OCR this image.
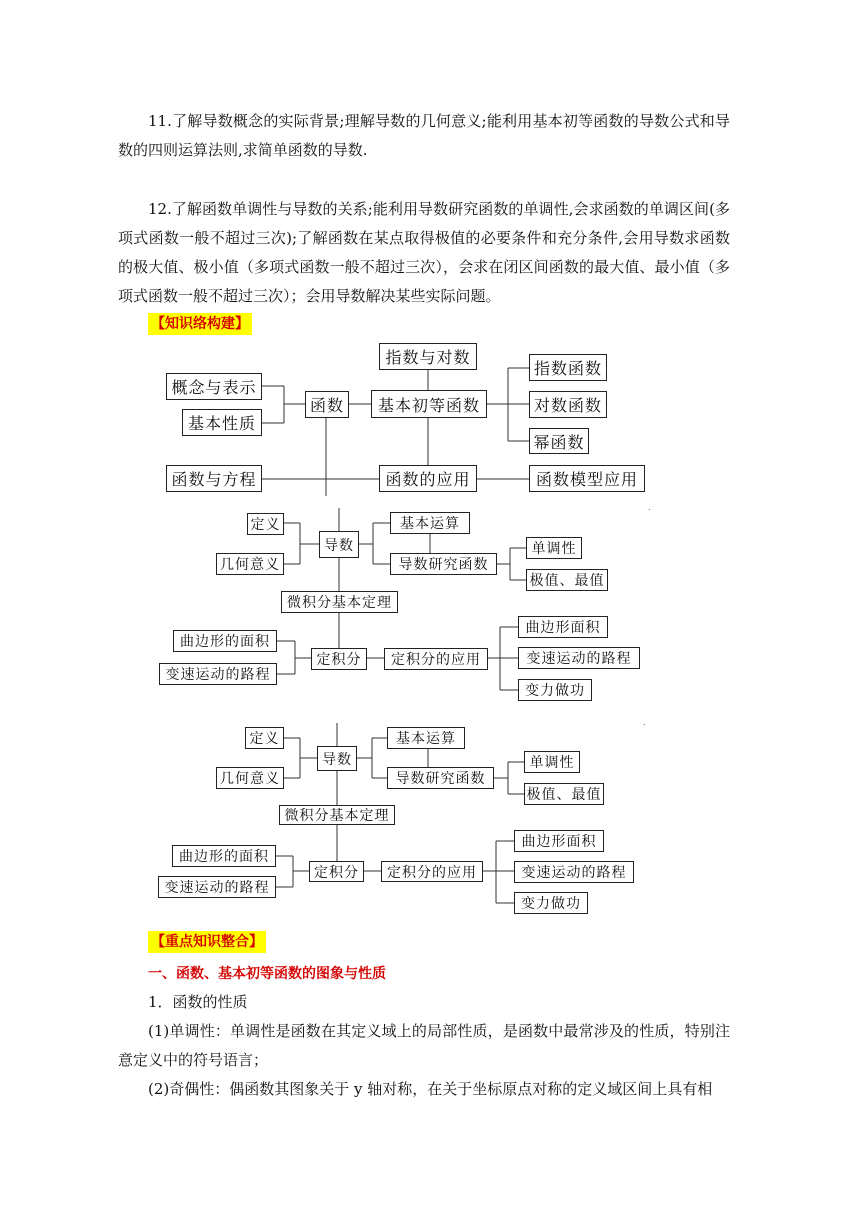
11.了解导数概念的实际背景;理解导数的几何意义;能利用基本初等函数的导数公式和导数的四则运算法则,求简单函数的导数.

12.了解函数单调性与导数的关系;能利用导数研究函数的单调性,会求函数的单调区间(多项式函数一般不超过三次);了解函数在某点取得极值的必要条件和充分条件,会用导数求函数的极大值、极小值（多项式函数一般不超过三次），会求在闭区间函数的最大值、最小值（多项式函数一般不超过三次）；会用导数解决某些实际问题。

【知识络构建】
概念与表示
基本性质
函数
指数与对数
基本初等函数
指数函数
对数函数
幂函数
函数与方程	函数的应用	函数模型应用
.
定义
几何意义
导数
基本运算
导数研究函数
单调性
极值、最值
微积分基本定理
曲边形的面积
变速运动的路程
定积分	定积分的应用
曲边形面积
变速运动的路程
变力做功
.
定义
几何意义
导数
基本运算
导数研究函数
单调性
极值、最值
微积分基本定理
曲边形的面积
变速运动的路程
定积分	定积分的应用
曲边形面积
变速运动的路程
变力做功
【重点知识整合】
一、函数、基本初等函数的图象与性质
1．函数的性质

(1)单调性：单调性是函数在其定义域上的局部性质，是函数中最常涉及的性质，特别注意定义中的符号语言；

(2)奇偶性：偶函数其图象关于 y 轴对称，在关于坐标原点对称的定义域区间上具有相
